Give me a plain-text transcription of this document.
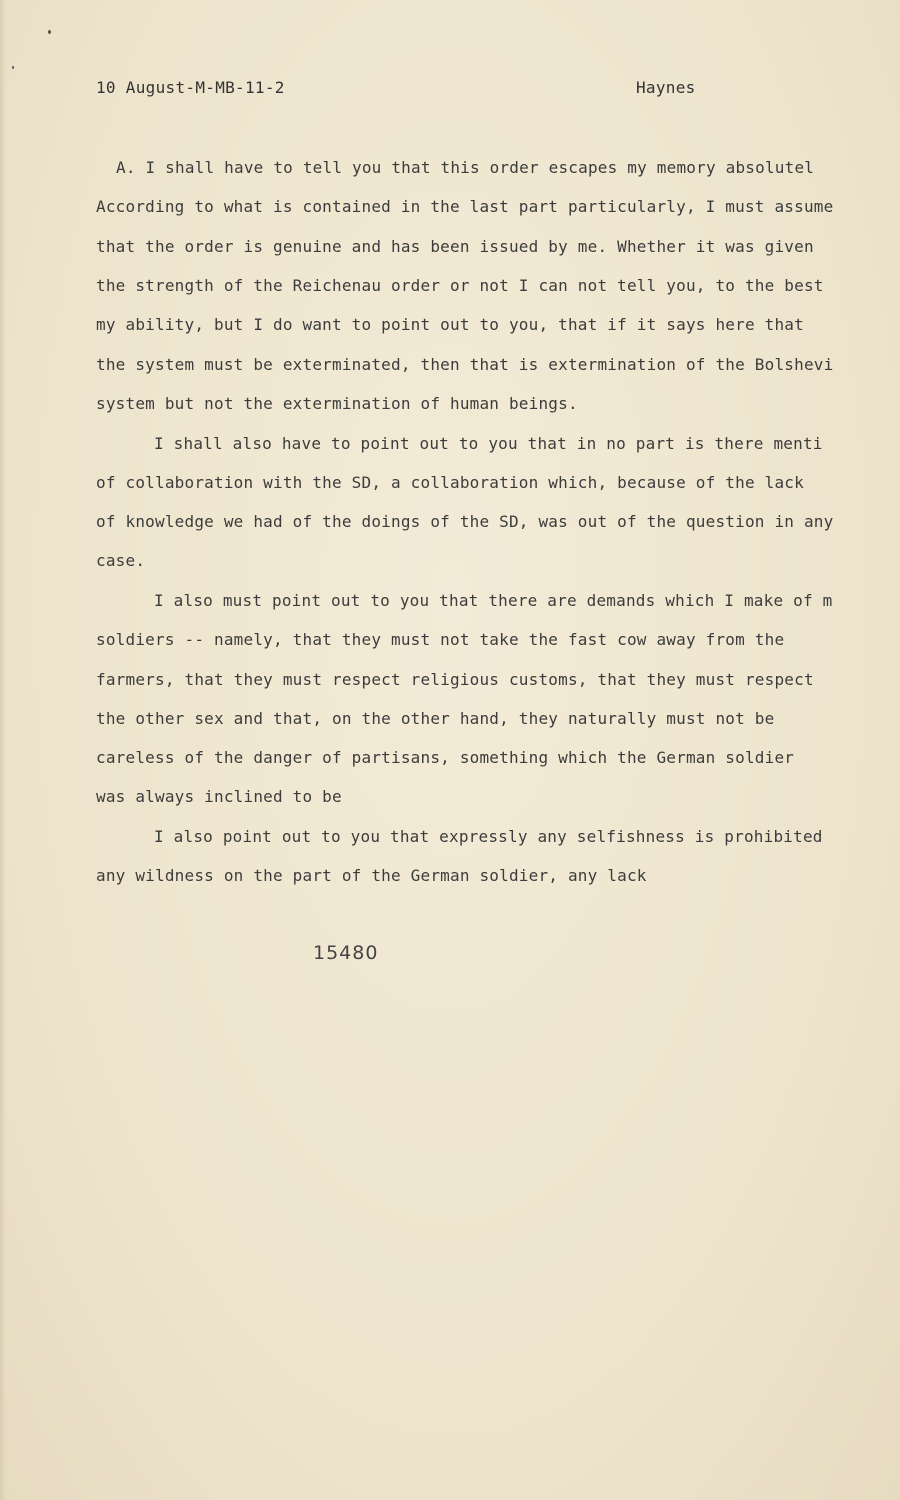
10 August-M-MB-11-2	Haynes
A. I shall have to tell you that this order escapes my memory absolutel
According to what is contained in the last part particularly, I must assume
that the order is genuine and has been issued by me. Whether it was given
the strength of the Reichenau order or not I can not tell you, to the best
my ability, but I do want to point out to you, that if it says here that
the system must be exterminated, then that is extermination of the Bolshevi
system but not the extermination of human beings.
I shall also have to point out to you that in no part is there menti
of collaboration with the SD, a collaboration which, because of the lack
of knowledge we had of the doings of the SD, was out of the question in any
case.
I also must point out to you that there are demands which I make of m
soldiers -- namely, that they must not take the fast cow away from the
farmers, that they must respect religious customs, that they must respect
the other sex and that, on the other hand, they naturally must not be
careless of the danger of partisans, something which the German soldier
was always inclined to be
I also point out to you that expressly any selfishness is prohibited
any wildness on the part of the German soldier, any lack
15480
